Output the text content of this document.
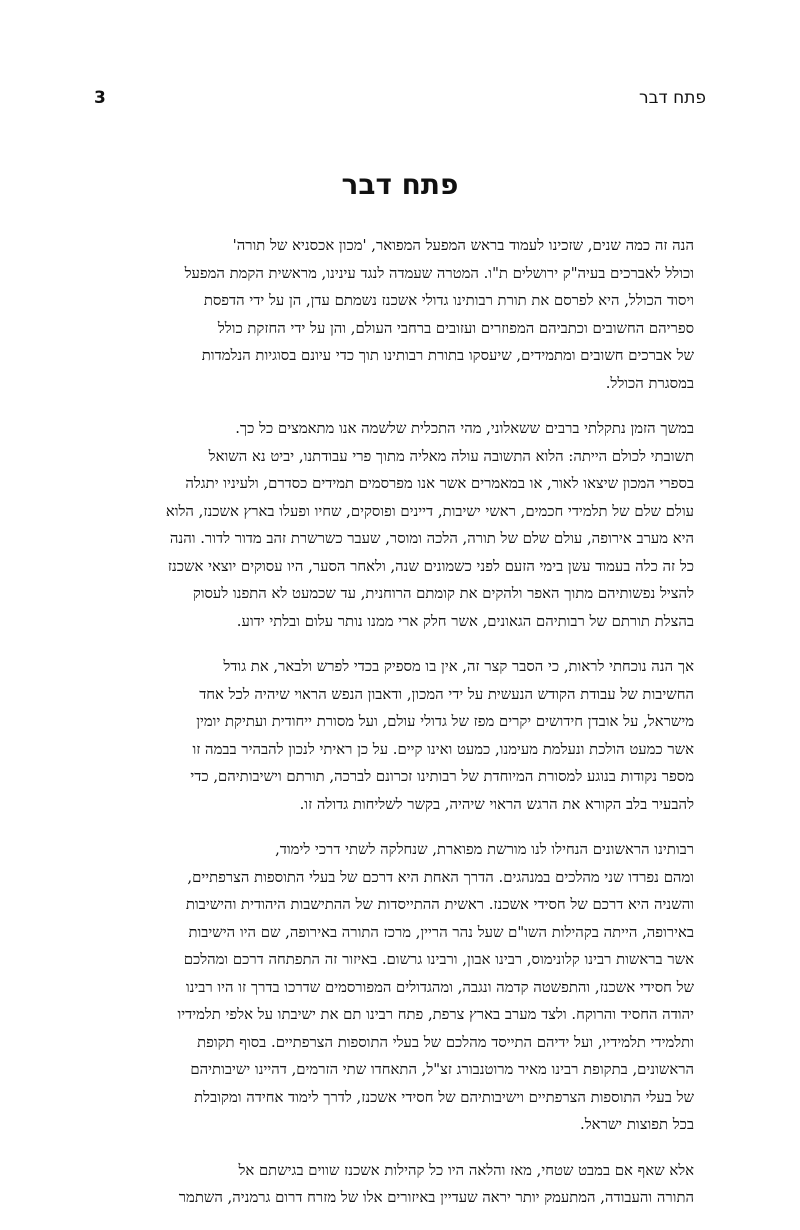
פתח דבר
3
פתח דבר
הנה זה כמה שנים, שזכינו לעמוד בראש המפעל המפואר, 'מכון אכסניא של תורה'
וכולל לאברכים בעיה"ק ירושלים ת"ו. המטרה שעמדה לנגד עינינו, מראשית הקמת המפעל
ויסוד הכולל, היא לפרסם את תורת רבותינו גדולי אשכנז נשמתם עדן, הן על ידי הדפסת
ספריהם החשובים וכתביהם המפוזרים ועזובים ברחבי העולם, והן על ידי החזקת כולל
של אברכים חשובים ומתמידים, שיעסקו בתורת רבותינו תוך כדי עיונם בסוגיות הנלמדות
במסגרת הכולל.
במשך הזמן נתקלתי ברבים ששאלוני, מהי התכלית שלשמה אנו מתאמצים כל כך.
תשובתי לכולם הייתה: הלוא התשובה עולה מאליה מתוך פרי עבודתנו, יביט נא השואל
בספרי המכון שיצאו לאור, או במאמרים אשר אנו מפרסמים תמידים כסדרם, ולעיניו יתגלה
עולם שלם של תלמידי חכמים, ראשי ישיבות, דיינים ופוסקים, שחיו ופעלו בארץ אשכנז, הלוא
היא מערב אירופה, עולם שלם של תורה, הלכה ומוסר, שעבר כשרשרת זהב מדור לדור. והנה
כל זה כלה בעמוד עשן בימי הזעם לפני כשמונים שנה, ולאחר הסער, היו עסוקים יוצאי אשכנז
להציל נפשותיהם מתוך האפר ולהקים את קומתם הרוחנית, עד שכמעט לא התפנו לעסוק
בהצלת תורתם של רבותיהם הגאונים, אשר חלק ארי ממנו נותר עלום ובלתי ידוע.
אך הנה נוכחתי לראות, כי הסבר קצר זה, אין בו מספיק בכדי לפרש ולבאר, את גודל
החשיבות של עבודת הקודש הנעשית על ידי המכון, ודאבון הנפש הראוי שיהיה לכל אחד
מישראל, על אובדן חידושים יקרים מפז של גדולי עולם, ועל מסורת ייחודית ועתיקת יומין
אשר כמעט הולכת ונעלמת מעימנו, כמעט ואינו קיים. על כן ראיתי לנכון להבהיר בבמה זו
מספר נקודות בנוגע למסורת המיוחדת של רבותינו זכרונם לברכה, תורתם וישיבותיהם, כדי
להבעיר בלב הקורא את הרגש הראוי שיהיה, בקשר לשליחות גדולה זו.
רבותינו הראשונים הנחילו לנו מורשת מפוארת, שנחלקה לשתי דרכי לימוד,
ומהם נפרדו שני מהלכים במנהגים. הדרך האחת היא דרכם של בעלי התוספות הצרפתיים,
והשניה היא דרכם של חסידי אשכנז. ראשית ההתייסדות של ההתישבות היהודית והישיבות
באירופה, הייתה בקהילות השו"ם שעל נהר הריין, מרכז התורה באירופה, שם היו הישיבות
אשר בראשות רבינו קלונימוס, רבינו אבון, ורבינו גרשום. באיזור זה התפתחה דרכם ומהלכם
של חסידי אשכנז, והתפשטה קדמה ונגבה, ומהגדולים המפורסמים שדרכו בדרך זו היו רבינו
יהודה החסיד והרוקח. ולצד מערב בארץ צרפת, פתח רבינו תם את ישיבתו על אלפי תלמידיו
ותלמידי תלמידיו, ועל ידיהם התייסד מהלכם של בעלי התוספות הצרפתיים. בסוף תקופת
הראשונים, בתקופת רבינו מאיר מרוטנבורג זצ"ל, התאחדו שתי הזרמים, דהיינו ישיבותיהם
של בעלי התוספות הצרפתיים וישיבותיהם של חסידי אשכנז, לדרך לימוד אחידה ומקובלת
בכל תפוצות ישראל.
אלא שאף אם במבט שטחי, מאז והלאה היו כל קהילות אשכנז שווים בגישתם אל
התורה והעבודה, המתעמק יותר יראה שעדיין באיזורים אלו של מזרח דרום גרמניה, השתמר
